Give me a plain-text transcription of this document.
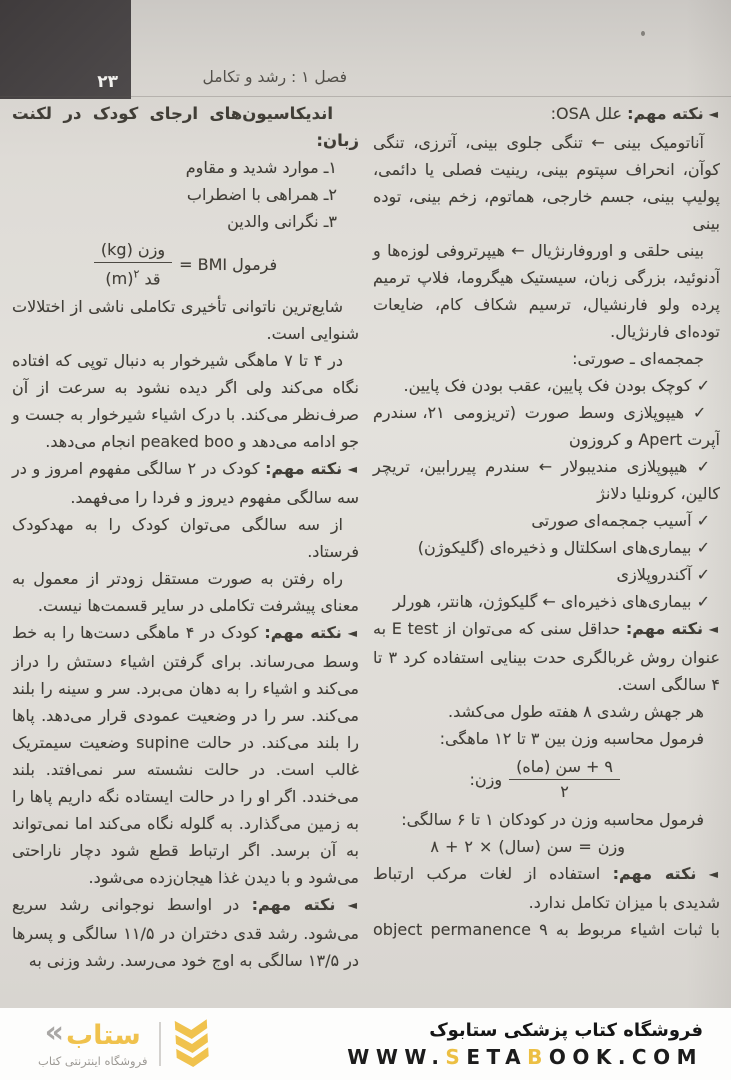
۲۳	فصل ۱ : رشد و تکامل

◄ نکته مهم: علل OSA:

آناتومیک بینی ← تنگی جلوی بینی، آترزی، تنگی کوآن، انحراف سپتوم بینی، رینیت فصلی یا دائمی، پولیپ بینی، جسم خارجی، هماتوم، زخم بینی، توده بینی

بینی حلقی و اوروفارنژیال ← هیپرتروفی لوزه‌ها و آدنوئید، بزرگی زبان، سیستیک هیگروما، فلاپ ترمیم پرده ولو فارنشیال، ترسیم شکاف کام، ضایعات توده‌ای فارنژیال.

جمجمه‌ای ـ صورتی:

✓ کوچک بودن فک پایین، عقب بودن فک پایین.

✓ هیپوپلازی وسط صورت (تریزومی ۲۱، سندرم آپرت Apert و کروزون

✓ هیپوپلازی مندیبولار ← سندرم پیررابین، تریچر کالین، کرونلیا دلانژ

✓ آسیب جمجمه‌ای صورتی

✓ بیماری‌های اسکلتال و ذخیره‌ای (گلیکوژن)

✓ آکندروپلازی

✓ بیماری‌های ذخیره‌ای ← گلیکوژن، هانتر، هورلر

◄ نکته مهم: حداقل سنی که می‌توان از E test به عنوان روش غربالگری حدت بینایی استفاده کرد ۳ تا ۴ سالگی است.

هر جهش رشدی ۸ هفته طول می‌کشد.

فرمول محاسبه وزن بین ۳ تا ۱۲ ماهگی:

$\frac{\text{(ماه) سن + ۹}}{۲}$
وزن:

فرمول محاسبه وزن در کودکان ۱ تا ۶ سالگی:

۸ + ۲ × (سال) سن = وزن

◄ نکته مهم: استفاده از لغات مرکب ارتباط شدیدی با میزان تکامل ندارد.

object permanence با ثبات اشیاء مربوط به ۹

اندیکاسیون‌های ارجای کودک در لکنت زبان:

۱ـ موارد شدید و مقاوم

۲ـ همراهی با اضطراب

۳ـ نگرانی والدین

فرمول BMI =
$\frac{\text{وزن (kg)}}{قد (m)^۲}$

شایع‌ترین ناتوانی تأخیری تکاملی ناشی از اختلالات شنوایی است.

در ۴ تا ۷ ماهگی شیرخوار به دنبال توپی که افتاده نگاه می‌کند ولی اگر دیده نشود به سرعت از آن صرف‌نظر می‌کند. با درک اشیاء شیرخوار به جست و جو ادامه می‌دهد و peaked boo انجام می‌دهد.

◄ نکته مهم: کودک در ۲ سالگی مفهوم امروز و در سه سالگی مفهوم دیروز و فردا را می‌فهمد.

از سه سالگی می‌توان کودک را به مهدکودک فرستاد.

راه رفتن به صورت مستقل زودتر از معمول به معنای پیشرفت تکاملی در سایر قسمت‌ها نیست.

◄ نکته مهم: کودک در ۴ ماهگی دست‌ها را به خط وسط می‌رساند. برای گرفتن اشیاء دستش را دراز می‌کند و اشیاء را به دهان می‌برد. سر و سینه را بلند می‌کند. سر را در وضعیت عمودی قرار می‌دهد. پاها را بلند می‌کند. در حالت supine وضعیت سیمتریک غالب است. در حالت نشسته سر نمی‌افتد. بلند می‌خندد. اگر او را در حالت ایستاده نگه داریم پاها را به زمین می‌گذارد. به گلوله نگاه می‌کند اما نمی‌تواند به آن برسد. اگر ارتباط قطع شود دچار ناراحتی می‌شود و با دیدن غذا هیجان‌زده می‌شود.

◄ نکته مهم: در اواسط نوجوانی رشد سریع می‌شود. رشد قدی دختران در ۱۱/۵ سالگی و پسرها در ۱۳/۵ سالگی به اوج خود می‌رسد. رشد وزنی به

« ستاب
فروشگاه اینترنتی کتاب
فروشگاه کتاب پزشکی ستابوک
WWW.SETABOOK.COM
